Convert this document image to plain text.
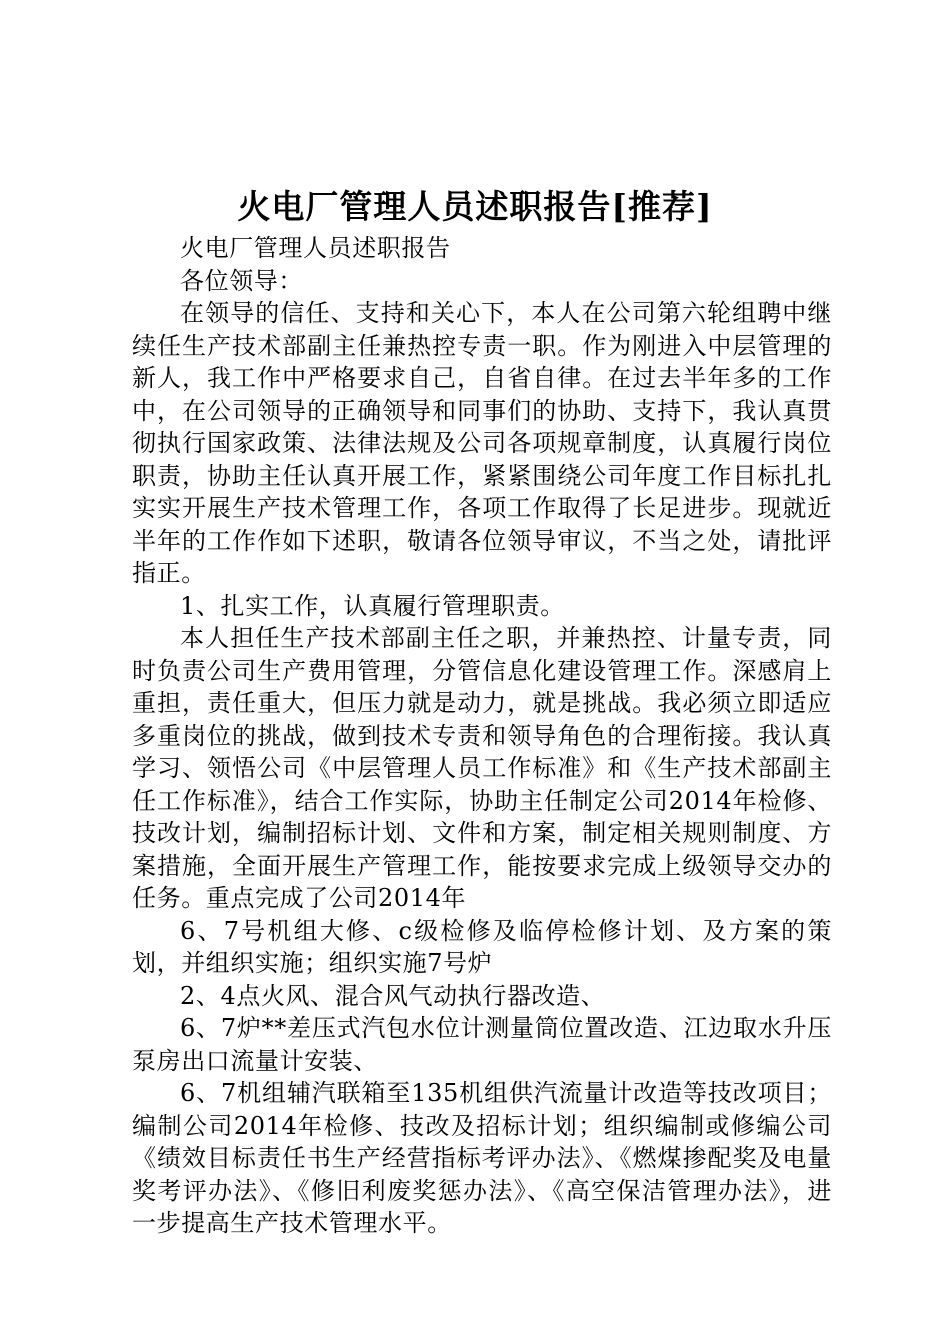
火电厂管理人员述职报告[推荐]

火电厂管理人员述职报告

各位领导：

在领导的信任、支持和关心下，本人在公司第六轮组聘中继续任生产技术部副主任兼热控专责一职。作为刚进入中层管理的新人，我工作中严格要求自己，自省自律。在过去半年多的工作中，在公司领导的正确领导和同事们的协助、支持下，我认真贯彻执行国家政策、法律法规及公司各项规章制度，认真履行岗位职责，协助主任认真开展工作，紧紧围绕公司年度工作目标扎扎实实开展生产技术管理工作，各项工作取得了长足进步。现就近半年的工作作如下述职，敬请各位领导审议，不当之处，请批评指正。

1、扎实工作，认真履行管理职责。

本人担任生产技术部副主任之职，并兼热控、计量专责，同时负责公司生产费用管理，分管信息化建设管理工作。深感肩上重担，责任重大，但压力就是动力，就是挑战。我必须立即适应多重岗位的挑战，做到技术专责和领导角色的合理衔接。我认真学习、领悟公司《中层管理人员工作标准》和《生产技术部副主任工作标准》，结合工作实际，协助主任制定公司2014年检修、技改计划，编制招标计划、文件和方案，制定相关规则制度、方案措施，全面开展生产管理工作，能按要求完成上级领导交办的任务。重点完成了公司2014年

6、7号机组大修、c级检修及临停检修计划、及方案的策划，并组织实施；组织实施7号炉

2、4点火风、混合风气动执行器改造、

6、7炉**差压式汽包水位计测量筒位置改造、江边取水升压泵房出口流量计安装、

6、7机组辅汽联箱至135机组供汽流量计改造等技改项目；编制公司2014年检修、技改及招标计划；组织编制或修编公司《绩效目标责任书生产经营指标考评办法》、《燃煤掺配奖及电量奖考评办法》、《修旧利废奖惩办法》、《高空保洁管理办法》，进一步提高生产技术管理水平。
